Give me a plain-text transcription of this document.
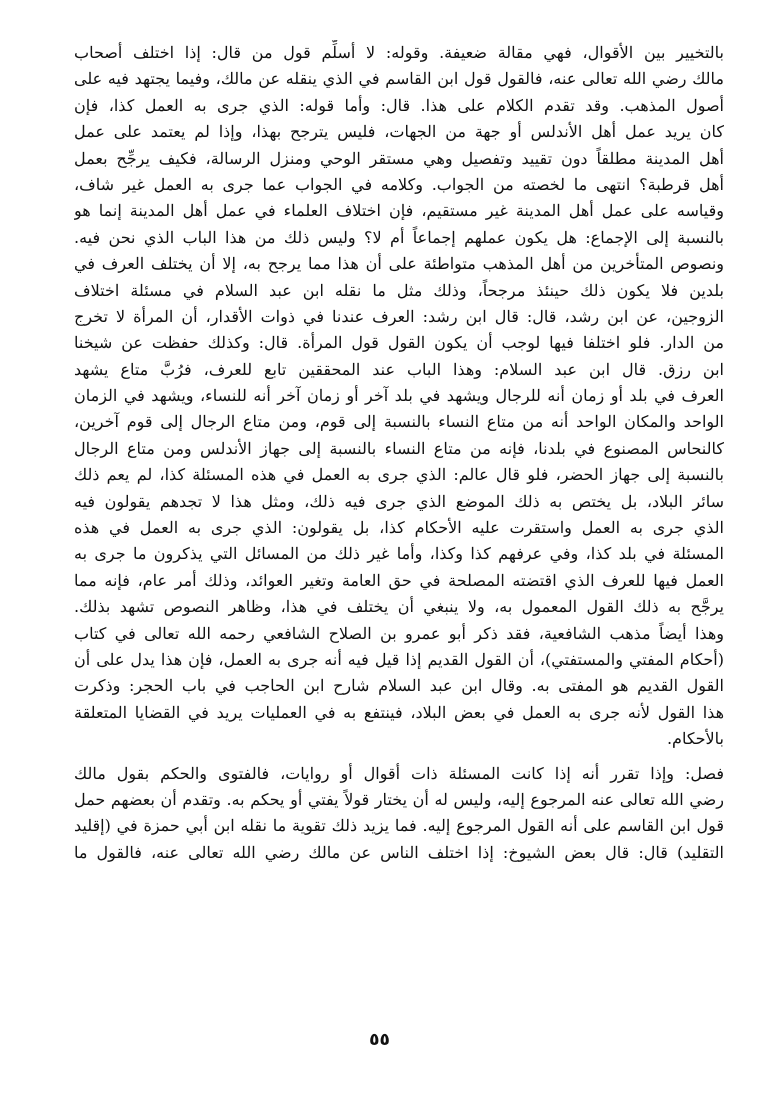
بالتخيير بين الأقوال، فهي مقالة ضعيفة. وقوله: لا أسلِّم قول من قال: إذا اختلف أصحاب
مالك رضي الله تعالى عنه، فالقول قول ابن القاسم في الذي ينقله عن مالك، وفيما يجتهد فيه على
أصول المذهب. وقد تقدم الكلام على هذا. قال: وأما قوله: الذي جرى به العمل كذا، فإن
كان يريد عمل أهل الأندلس أو جهة من الجهات، فليس يترجح بهذا، وإذا لم يعتمد على عمل
أهل المدينة مطلقاً دون تقييد وتفصيل وهي مستقر الوحي ومنزل الرسالة، فكيف يرجِّح بعمل
أهل قرطبة؟ انتهى ما لخصته من الجواب. وكلامه في الجواب عما جرى به العمل غير شاف،
وقياسه على عمل أهل المدينة غير مستقيم، فإن اختلاف العلماء في عمل أهل المدينة إنما هو
بالنسبة إلى الإجماع: هل يكون عملهم إجماعاً أم لا؟ وليس ذلك من هذا الباب الذي نحن فيه.
ونصوص المتأخرين من أهل المذهب متواطئة على أن هذا مما يرجح به، إلا أن يختلف العرف في
بلدين فلا يكون ذلك حينئذ مرجحاً، وذلك مثل ما نقله ابن عبد السلام في مسئلة اختلاف
الزوجين، عن ابن رشد، قال: قال ابن رشد: العرف عندنا في ذوات الأقدار، أن المرأة لا تخرج
من الدار. فلو اختلفا فيها لوجب أن يكون القول قول المرأة. قال: وكذلك حفظت عن شيخنا
ابن رزق. قال ابن عبد السلام: وهذا الباب عند المحققين تابع للعرف، فرُبَّ متاع يشهد
العرف في بلد أو زمان أنه للرجال ويشهد في بلد آخر أو زمان آخر أنه للنساء، ويشهد في الزمان
الواحد والمكان الواحد أنه من متاع النساء بالنسبة إلى قوم، ومن متاع الرجال إلى قوم آخرين،
كالنحاس المصنوع في بلدنا، فإنه من متاع النساء بالنسبة إلى جهاز الأندلس ومن متاع الرجال
بالنسبة إلى جهاز الحضر، فلو قال عالم: الذي جرى به العمل في هذه المسئلة كذا، لم يعم ذلك
سائر البلاد، بل يختص به ذلك الموضع الذي جرى فيه ذلك، ومثل هذا لا تجدهم يقولون فيه
الذي جرى به العمل واستقرت عليه الأحكام كذا، بل يقولون: الذي جرى به العمل في هذه
المسئلة في بلد كذا، وفي عرفهم كذا وكذا، وأما غير ذلك من المسائل التي يذكرون ما جرى به
العمل فيها للعرف الذي اقتضته المصلحة في حق العامة وتغير العوائد، وذلك أمر عام، فإنه مما
يرجَّح به ذلك القول المعمول به، ولا ينبغي أن يختلف في هذا، وظاهر النصوص تشهد بذلك.
وهذا أيضاً مذهب الشافعية، فقد ذكر أبو عمرو بن الصلاح الشافعي رحمه الله تعالى في كتاب
(أحكام المفتي والمستفتي)، أن القول القديم إذا قيل فيه أنه جرى به العمل، فإن هذا يدل على أن
القول القديم هو المفتى به. وقال ابن عبد السلام شارح ابن الحاجب في باب الحجر: وذكرت
هذا القول لأنه جرى به العمل في بعض البلاد، فينتفع به في العمليات يريد في القضايا المتعلقة
بالأحكام.
فصل: وإذا تقرر أنه إذا كانت المسئلة ذات أقوال أو روايات، فالفتوى والحكم بقول مالك
رضي الله تعالى عنه المرجوع إليه، وليس له أن يختار قولاً يفتي أو يحكم به. وتقدم أن بعضهم حمل
قول ابن القاسم على أنه القول المرجوع إليه. فما يزيد ذلك تقوية ما نقله ابن أبي حمزة في (إقليد
التقليد) قال: قال بعض الشيوخ: إذا اختلف الناس عن مالك رضي الله تعالى عنه، فالقول ما
٥٥
